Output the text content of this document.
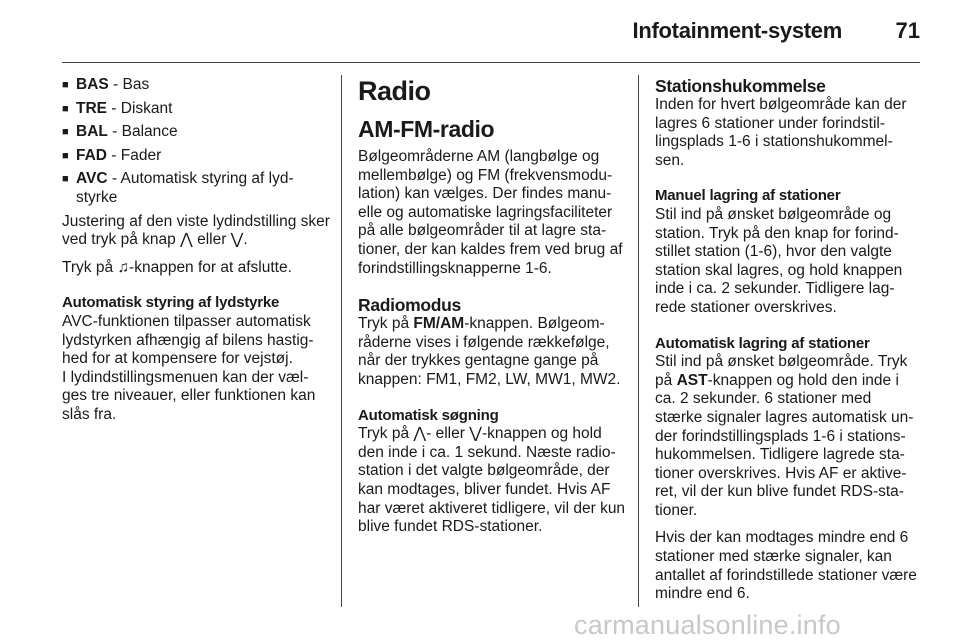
Infotainment-system 71
■ BAS - Bas
■ TRE - Diskant
■ BAL - Balance
■ FAD - Fader
■ AVC - Automatisk styring af lyd-styrke

Justering af den viste lydindstilling sker ved tryk på knap ⋀ eller ⋁.

Tryk på ♫-knappen for at afslutte.

Automatisk styring af lydstyrke

AVC-funktionen tilpasser automatisk lydstyrken afhængig af bilens hastig-hed for at kompensere for vejstøj.

I lydindstillingsmenuen kan der væl-ges tre niveauer, eller funktionen kan slås fra.

Radio
AM-FM-radio

Bølgeområderne AM (langbølge og mellembølge) og FM (frekvensmodu-lation) kan vælges. Der findes manu-elle og automatiske lagringsfaciliteter på alle bølgeområder til at lagre sta-tioner, der kan kaldes frem ved brug af forindstillingsknapperne 1-6.

Radiomodus

Tryk på FM/AM-knappen. Bølgeom-råderne vises i følgende rækkefølge, når der trykkes gentagne gange på knappen: FM1, FM2, LW, MW1, MW2.

Automatisk søgning

Tryk på ⋀- eller ⋁-knappen og hold den inde i ca. 1 sekund. Næste radio-station i det valgte bølgeområde, der kan modtages, bliver fundet. Hvis AF har været aktiveret tidligere, vil der kun blive fundet RDS-stationer.

Stationshukommelse

Inden for hvert bølgeområde kan der lagres 6 stationer under forindstil-lingsplads 1-6 i stationshukommel-sen.

Manuel lagring af stationer

Stil ind på ønsket bølgeområde og station. Tryk på den knap for forind-stillet station (1-6), hvor den valgte station skal lagres, og hold knappen inde i ca. 2 sekunder. Tidligere lag-rede stationer overskrives.

Automatisk lagring af stationer

Stil ind på ønsket bølgeområde. Tryk på AST-knappen og hold den inde i ca. 2 sekunder. 6 stationer med stærke signaler lagres automatisk un-der forindstillingsplads 1-6 i stations-hukommelsen. Tidligere lagrede sta-tioner overskrives. Hvis AF er aktive-ret, vil der kun blive fundet RDS-sta-tioner.

Hvis der kan modtages mindre end 6 stationer med stærke signaler, kan antallet af forindstillede stationer være mindre end 6.

carmanualsonline.info
